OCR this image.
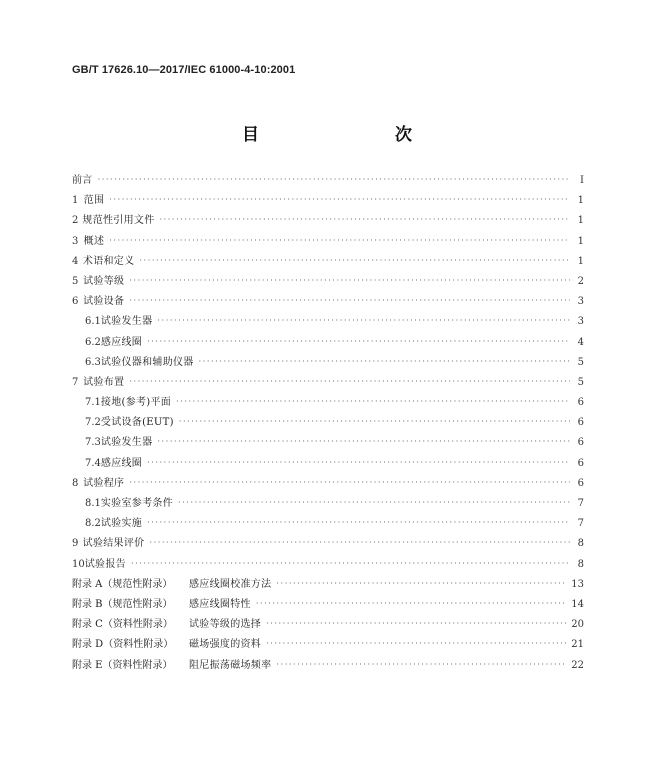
GB/T 17626.10—2017/IEC 61000-4-10:2001
目　　次
前言 ·····	Ⅰ
1 范围 ·····	1
2 规范性引用文件 ·····	1
3 概述 ·····	1
4 术语和定义 ·····	1
5 试验等级 ·····	2
6 试验设备 ·····	3
6.1 试验发生器 ·····	3
6.2 感应线圈 ·····	4
6.3 试验仪器和辅助仪器 ·····	5
7 试验布置 ·····	5
7.1 接地(参考)平面 ·····	6
7.2 受试设备(EUT) ·····	6
7.3 试验发生器 ·····	6
7.4 感应线圈 ·····	6
8 试验程序 ·····	6
8.1 实验室参考条件 ·····	7
8.2 试验实施 ·····	7
9 试验结果评价 ·····	8
10 试验报告 ·····	8
附录 A（规范性附录）	感应线圈校准方法 ·····	13
附录 B（规范性附录）	感应线圈特性 ·····	14
附录 C（资料性附录）	试验等级的选择 ·····	20
附录 D（资料性附录）	磁场强度的资料 ·····	21
附录 E（资料性附录）	阻尼振荡磁场频率 ·····	22
